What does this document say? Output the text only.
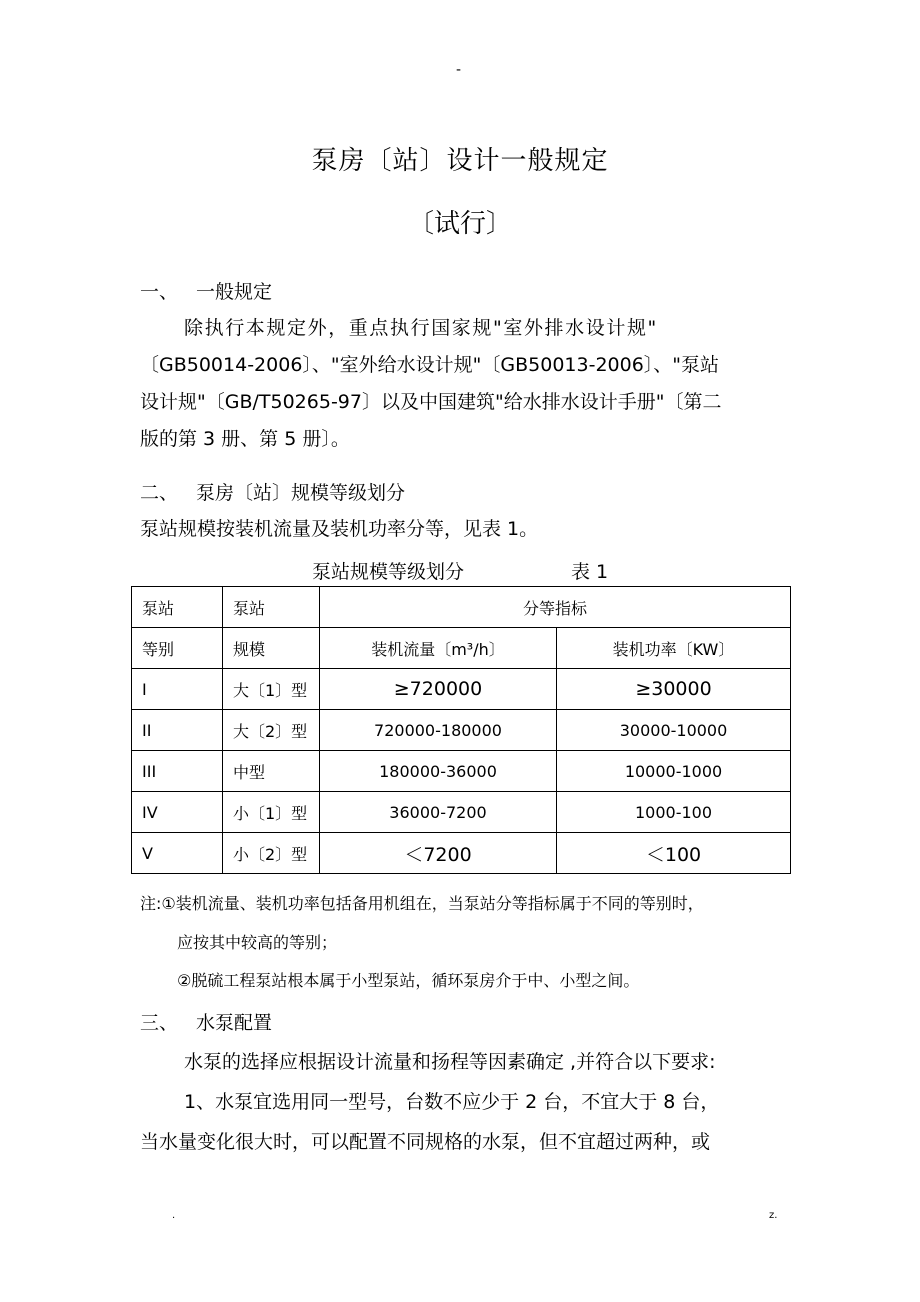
-
泵房〔站〕设计一般规定
〔试行〕
一、 一般规定
除执行本规定外，重点执行国家规"室外排水设计规"
〔GB50014-2006〕、"室外给水设计规"〔GB50013-2006〕、"泵站
设计规"〔GB/T50265-97〕以及中国建筑"给水排水设计手册"〔第二
版的第 3 册、第 5 册〕。
二、 泵房〔站〕规模等级划分
泵站规模按装机流量及装机功率分等，见表 1。
泵站规模等级划分	表 1
泵站	泵站	分等指标	
等别	规模	装机流量〔m³/h〕	装机功率〔KW〕
I	大〔1〕型	≥720000	≥30000
II	大〔2〕型	720000-180000	30000-10000
III	中型	180000-36000	10000-1000
IV	小〔1〕型	36000-7200	1000-100
V	小〔2〕型	＜7200	＜100
注:①装机流量、装机功率包括备用机组在，当泵站分等指标属于不同的等别时，
应按其中较高的等别；
②脱硫工程泵站根本属于小型泵站，循环泵房介于中、小型之间。
三、 水泵配置
水泵的选择应根据设计流量和扬程等因素确定 ,并符合以下要求:
1、水泵宜选用同一型号，台数不应少于 2 台，不宜大于 8 台，
当水量变化很大时，可以配置不同规格的水泵，但不宜超过两种，或
.	z.
